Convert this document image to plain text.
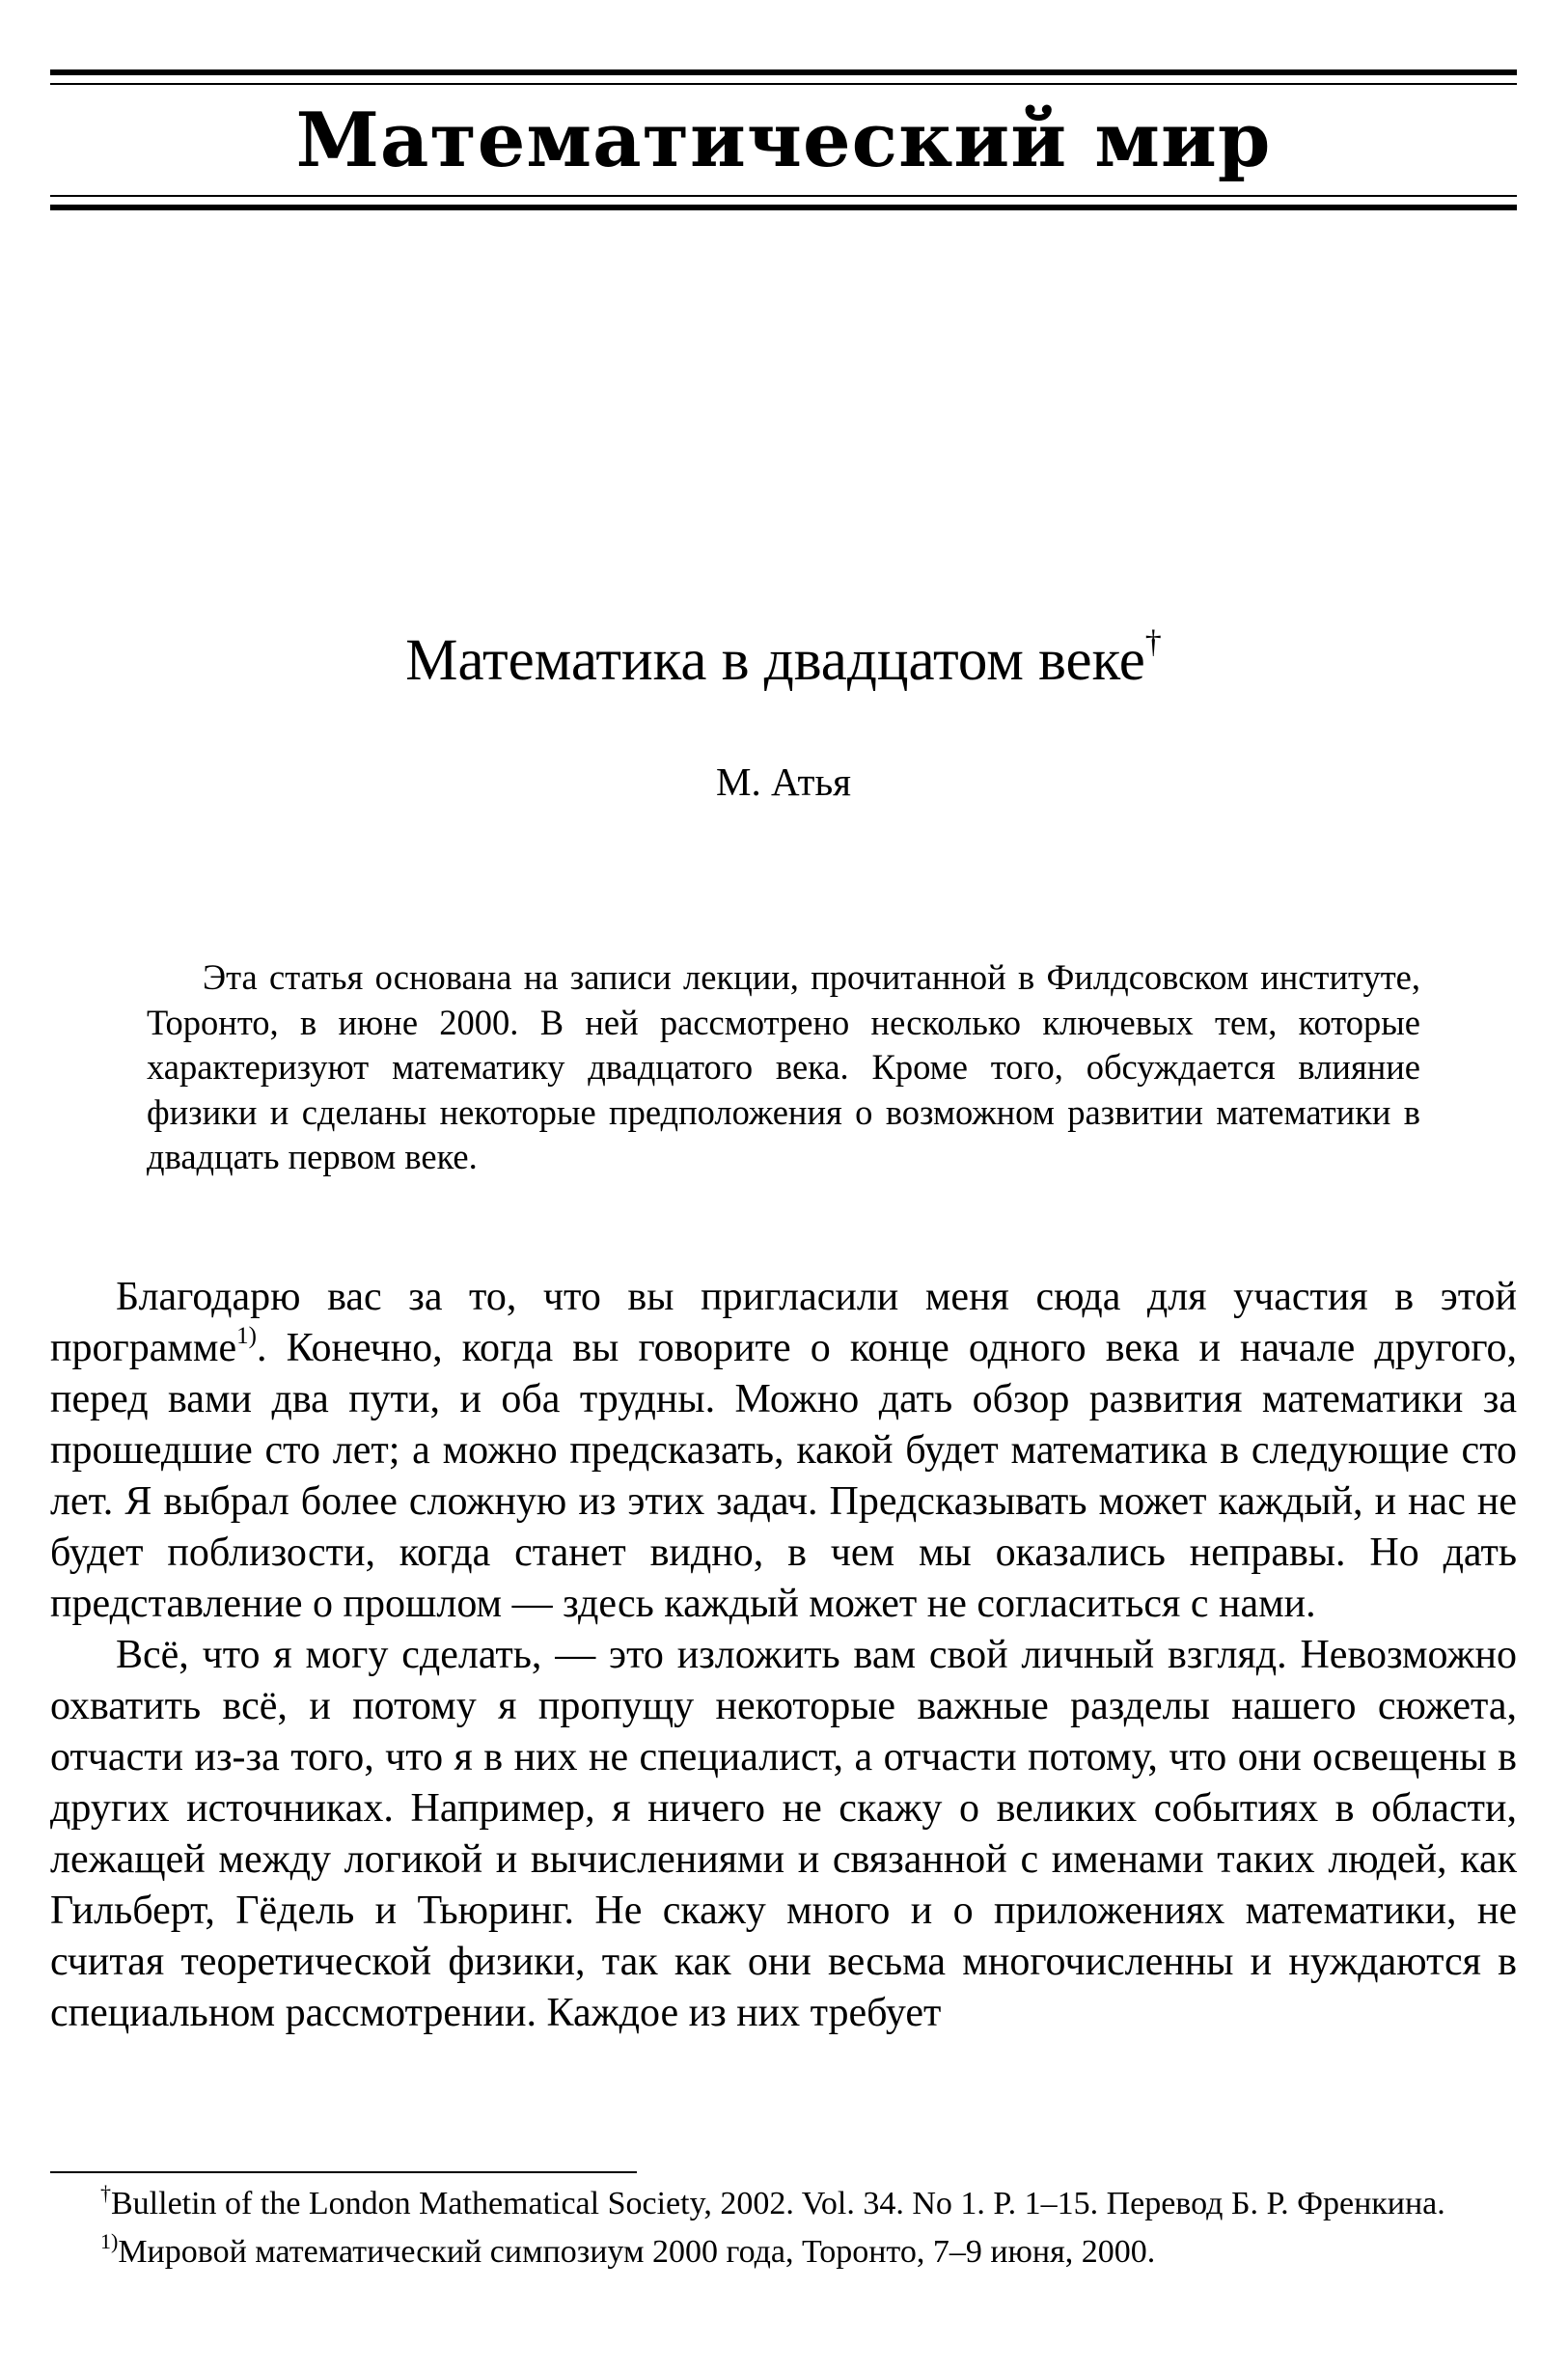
Математический мир
Математика в двадцатом веке†
М. Атья

Эта статья основана на записи лекции, прочитанной в Филдсовском институте, Торонто, в июне 2000. В ней рассмотрено несколько ключевых тем, которые характеризуют математику двадцатого века. Кроме того, обсуждается влияние физики и сделаны некоторые предположения о возможном развитии математики в двадцать первом веке.

Благодарю вас за то, что вы пригласили меня сюда для участия в этой программе$^{1)}$. Конечно, когда вы говорите о конце одного века и начале другого, перед вами два пути, и оба трудны. Можно дать обзор развития математики за прошедшие сто лет; а можно предсказать, какой будет математика в следующие сто лет. Я выбрал более сложную из этих задач. Предсказывать может каждый, и нас не будет поблизости, когда станет видно, в чем мы оказались неправы. Но дать представление о прошлом — здесь каждый может не согласиться с нами.

Всё, что я могу сделать, — это изложить вам свой личный взгляд. Невозможно охватить всё, и потому я пропущу некоторые важные разделы нашего сюжета, отчасти из-за того, что я в них не специалист, а отчасти потому, что они освещены в других источниках. Например, я ничего не скажу о великих событиях в области, лежащей между логикой и вычислениями и связанной с именами таких людей, как Гильберт, Гёдель и Тьюринг. Не скажу много и о приложениях математики, не считая теоретической физики, так как они весьма многочисленны и нуждаются в специальном рассмотрении. Каждое из них требует

†Bulletin of the London Mathematical Society, 2002. Vol. 34. No 1. P. 1–15. Перевод Б. Р. Френкина.

$^{1)}$Мировой математический симпозиум 2000 года, Торонто, 7–9 июня, 2000.
